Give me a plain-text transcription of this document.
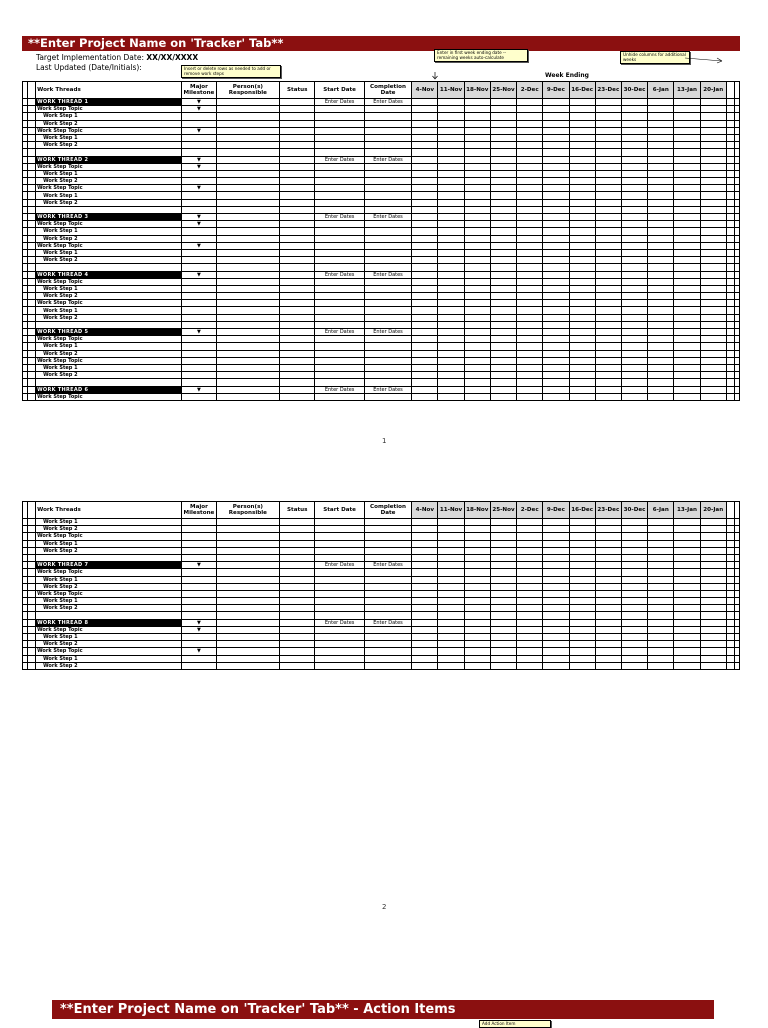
**Enter Project Name on 'Tracker' Tab**
Target Implementation Date: XX/XX/XXXX
Last Updated (Date/Initials):	Insert or delete rows as needed to add or remove work steps
Enter in first week ending date -- remaining weeks auto-calculate
Unhide columns for additional weeks
Week Ending
		Work Threads	Major Milestone	Person(s) Responsible	Status	Start Date	Completion Date	4-Nov	11-Nov	18-Nov	25-Nov	2-Dec	9-Dec	16-Dec	23-Dec	30-Dec	6-Jan	13-Jan	20-Jan		
		WORK THREAD 1	▼			Enter Dates	Enter Dates														
		Work Step Topic	▼																		
		Work Step 1																			
		Work Step 2																			
		Work Step Topic	▼																		
		Work Step 1																			
		Work Step 2																			

		WORK THREAD 2	▼			Enter Dates	Enter Dates														
		Work Step Topic	▼																		
		Work Step 1																			
		Work Step 2																			
		Work Step Topic	▼																		
		Work Step 1																			
		Work Step 2																			

		WORK THREAD 3	▼			Enter Dates	Enter Dates														
		Work Step Topic	▼																		
		Work Step 1																			
		Work Step 2																			
		Work Step Topic	▼																		
		Work Step 1																			
		Work Step 2																			

		WORK THREAD 4	▼			Enter Dates	Enter Dates														
		Work Step Topic																			
		Work Step 1																			
		Work Step 2																			
		Work Step Topic																			
		Work Step 1																			
		Work Step 2																			

		WORK THREAD 5	▼			Enter Dates	Enter Dates														
		Work Step Topic																			
		Work Step 1																			
		Work Step 2																			
		Work Step Topic																			
		Work Step 1																			
		Work Step 2																			

		WORK THREAD 6	▼			Enter Dates	Enter Dates														
		Work Step Topic																			
1
		Work Threads	Major Milestone	Person(s) Responsible	Status	Start Date	Completion Date	4-Nov	11-Nov	18-Nov	25-Nov	2-Dec	9-Dec	16-Dec	23-Dec	30-Dec	6-Jan	13-Jan	20-Jan		
		Work Step 1																			
		Work Step 2																			
		Work Step Topic																			
		Work Step 1																			
		Work Step 2																			

		WORK THREAD 7	▼			Enter Dates	Enter Dates														
		Work Step Topic																			
		Work Step 1																			
		Work Step 2																			
		Work Step Topic																			
		Work Step 1																			
		Work Step 2																			

		WORK THREAD 8	▼			Enter Dates	Enter Dates														
		Work Step Topic	▼																		
		Work Step 1																			
		Work Step 2																			
		Work Step Topic	▼																		
		Work Step 1																			
		Work Step 2																			
2
**Enter Project Name on 'Tracker' Tab** - Action Items
Add Action Item
